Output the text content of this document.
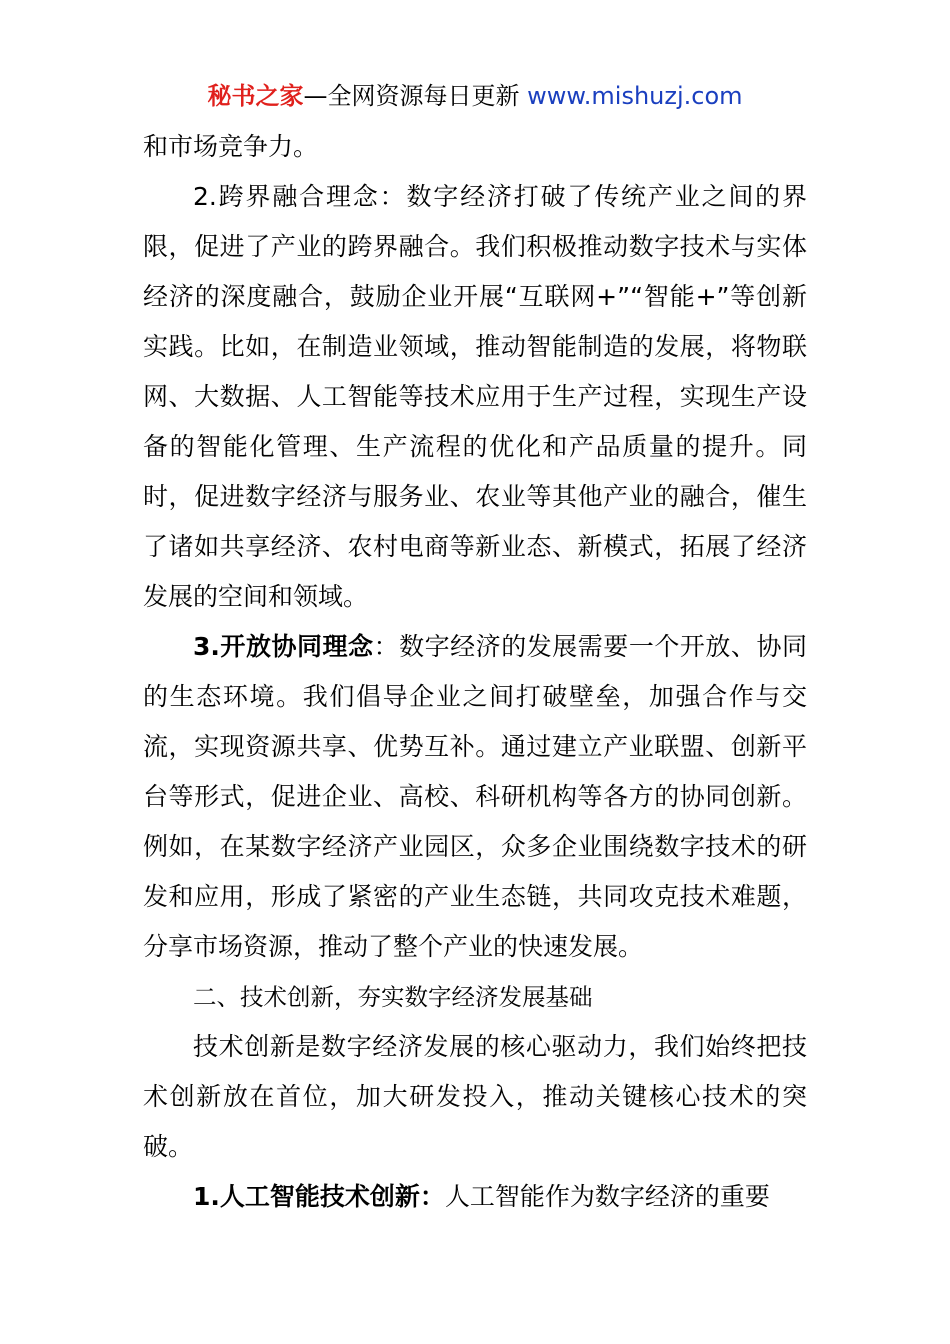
秘书之家—全网资源每日更新 www.mishuzj.com

和市场竞争力。

2.跨界融合理念：数字经济打破了传统产业之间的界限，促进了产业的跨界融合。我们积极推动数字技术与实体经济的深度融合，鼓励企业开展“互联网+”“智能+”等创新实践。比如，在制造业领域，推动智能制造的发展，将物联网、大数据、人工智能等技术应用于生产过程，实现生产设备的智能化管理、生产流程的优化和产品质量的提升。同时，促进数字经济与服务业、农业等其他产业的融合，催生了诸如共享经济、农村电商等新业态、新模式，拓展了经济发展的空间和领域。

3.开放协同理念：数字经济的发展需要一个开放、协同的生态环境。我们倡导企业之间打破壁垒，加强合作与交流，实现资源共享、优势互补。通过建立产业联盟、创新平台等形式，促进企业、高校、科研机构等各方的协同创新。例如，在某数字经济产业园区，众多企业围绕数字技术的研发和应用，形成了紧密的产业生态链，共同攻克技术难题，分享市场资源，推动了整个产业的快速发展。

二、技术创新，夯实数字经济发展基础

技术创新是数字经济发展的核心驱动力，我们始终把技术创新放在首位，加大研发投入，推动关键核心技术的突破。

1.人工智能技术创新：人工智能作为数字经济的重要
